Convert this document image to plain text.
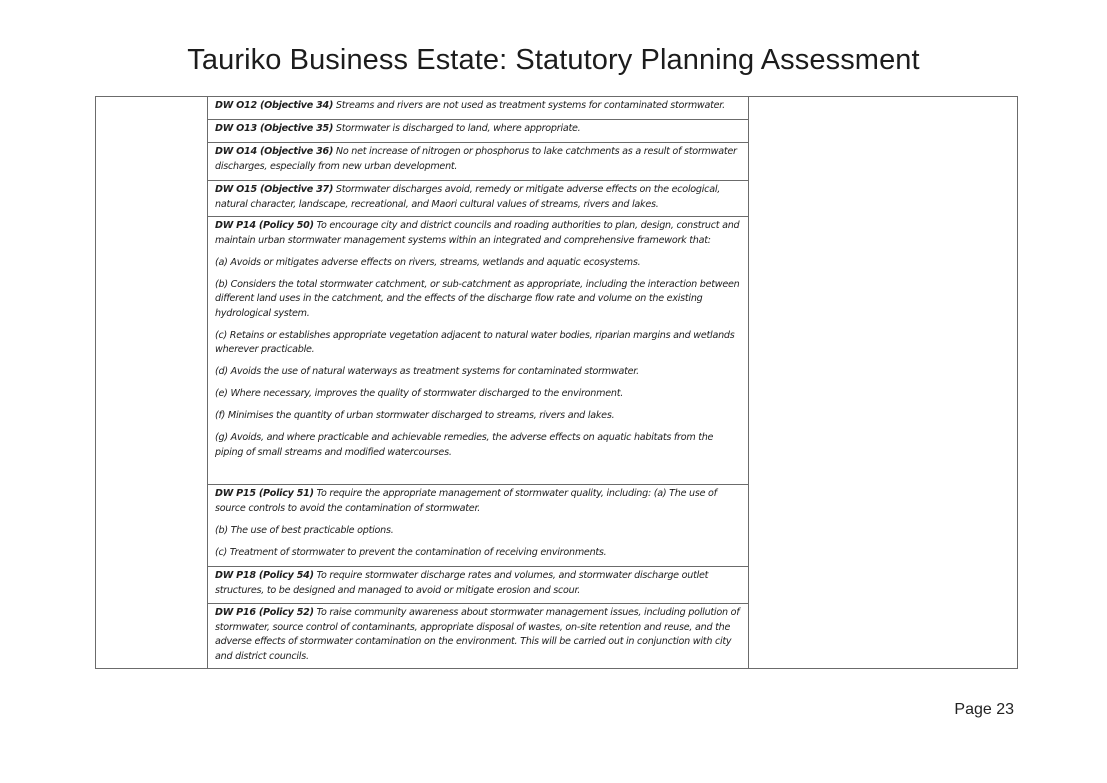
Tauriko Business Estate: Statutory Planning Assessment

DW O12 (Objective 34) Streams and rivers are not used as treatment systems for contaminated stormwater.

DW O13 (Objective 35) Stormwater is discharged to land, where appropriate.

DW O14 (Objective 36) No net increase of nitrogen or phosphorus to lake catchments as a result of stormwater discharges, especially from new urban development.

DW O15 (Objective 37) Stormwater discharges avoid, remedy or mitigate adverse effects on the ecological, natural character, landscape, recreational, and Maori cultural values of streams, rivers and lakes.

DW P14 (Policy 50) To encourage city and district councils and roading authorities to plan, design, construct and maintain urban stormwater management systems within an integrated and comprehensive framework that:

(a) Avoids or mitigates adverse effects on rivers, streams, wetlands and aquatic ecosystems.

(b) Considers the total stormwater catchment, or sub-catchment as appropriate, including the interaction between different land uses in the catchment, and the effects of the discharge flow rate and volume on the existing hydrological system.

(c) Retains or establishes appropriate vegetation adjacent to natural water bodies, riparian margins and wetlands wherever practicable.

(d) Avoids the use of natural waterways as treatment systems for contaminated stormwater.

(e) Where necessary, improves the quality of stormwater discharged to the environment.

(f) Minimises the quantity of urban stormwater discharged to streams, rivers and lakes.

(g) Avoids, and where practicable and achievable remedies, the adverse effects on aquatic habitats from the piping of small streams and modified watercourses.

DW P15 (Policy 51) To require the appropriate management of stormwater quality, including: (a) The use of source controls to avoid the contamination of stormwater.

(b) The use of best practicable options.

(c) Treatment of stormwater to prevent the contamination of receiving environments.

DW P18 (Policy 54) To require stormwater discharge rates and volumes, and stormwater discharge outlet structures, to be designed and managed to avoid or mitigate erosion and scour.

DW P16 (Policy 52) To raise community awareness about stormwater management issues, including pollution of stormwater, source control of contaminants, appropriate disposal of wastes, on-site retention and reuse, and the adverse effects of stormwater contamination on the environment. This will be carried out in conjunction with city and district councils.

Page 23
